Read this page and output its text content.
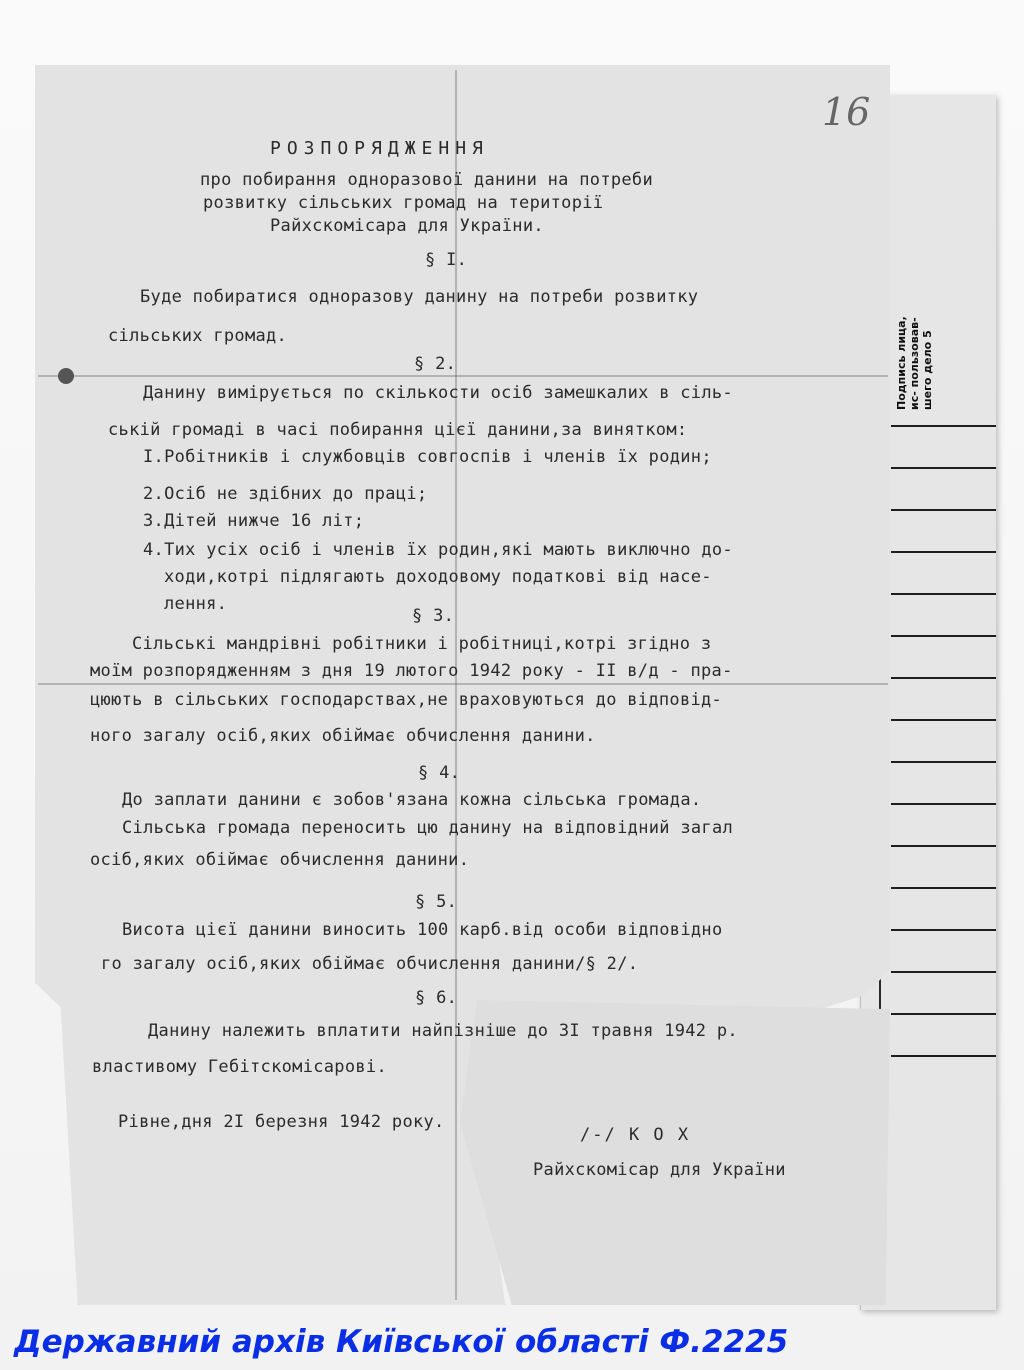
Подпись лица, ис- пользовав- шего дело 5
16
РОЗПОРЯДЖЕННЯ
про побирання одноразової данини на потреби
розвитку сільських громад на території
Райхскомісара для України.
§ I.
Буде побиратися одноразову данину на потреби розвитку
сільських громад.
§ 2.
Данину вимірується по скількости осіб замешкалих в сіль-
ській громаді в часі побирання цієї данини,за винятком:
I.Робітників і службовців совгоспів і членів їх родин;
2.Осіб не здібних до праці;
3.Дітей нижче 16 літ;
4.Тих усіх осіб і членів їх родин,які мають виключно до-
ходи,котрі підлягають доходовому податкові від насе-
лення.
§ 3.
Сільські мандрівні робітники і робітниці,котрі згідно з
моїм розпорядженням з дня 19 лютого 1942 року - II в/д - пра-
цюють в сільських господарствах,не враховуються до відповід-
ного загалу осіб,яких обіймає обчислення данини.
§ 4.
До заплати данини є зобов'язана кожна сільська громада.
Сільська громада переносить цю данину на відповідний загал
осіб,яких обіймає обчислення данини.
§ 5.
Висота цієї данини виносить 100 карб.від особи відповідно
го загалу осіб,яких обіймає обчислення данини/§ 2/.
§ 6.
Данину належить вплатити найпізніше до 3I травня 1942 р.
властивому Гебітскомісарові.
Рівне,дня 2I березня 1942 року.
/-/ К О Х
Райхскомісар для України
Державний архів Київської області Ф.2225
